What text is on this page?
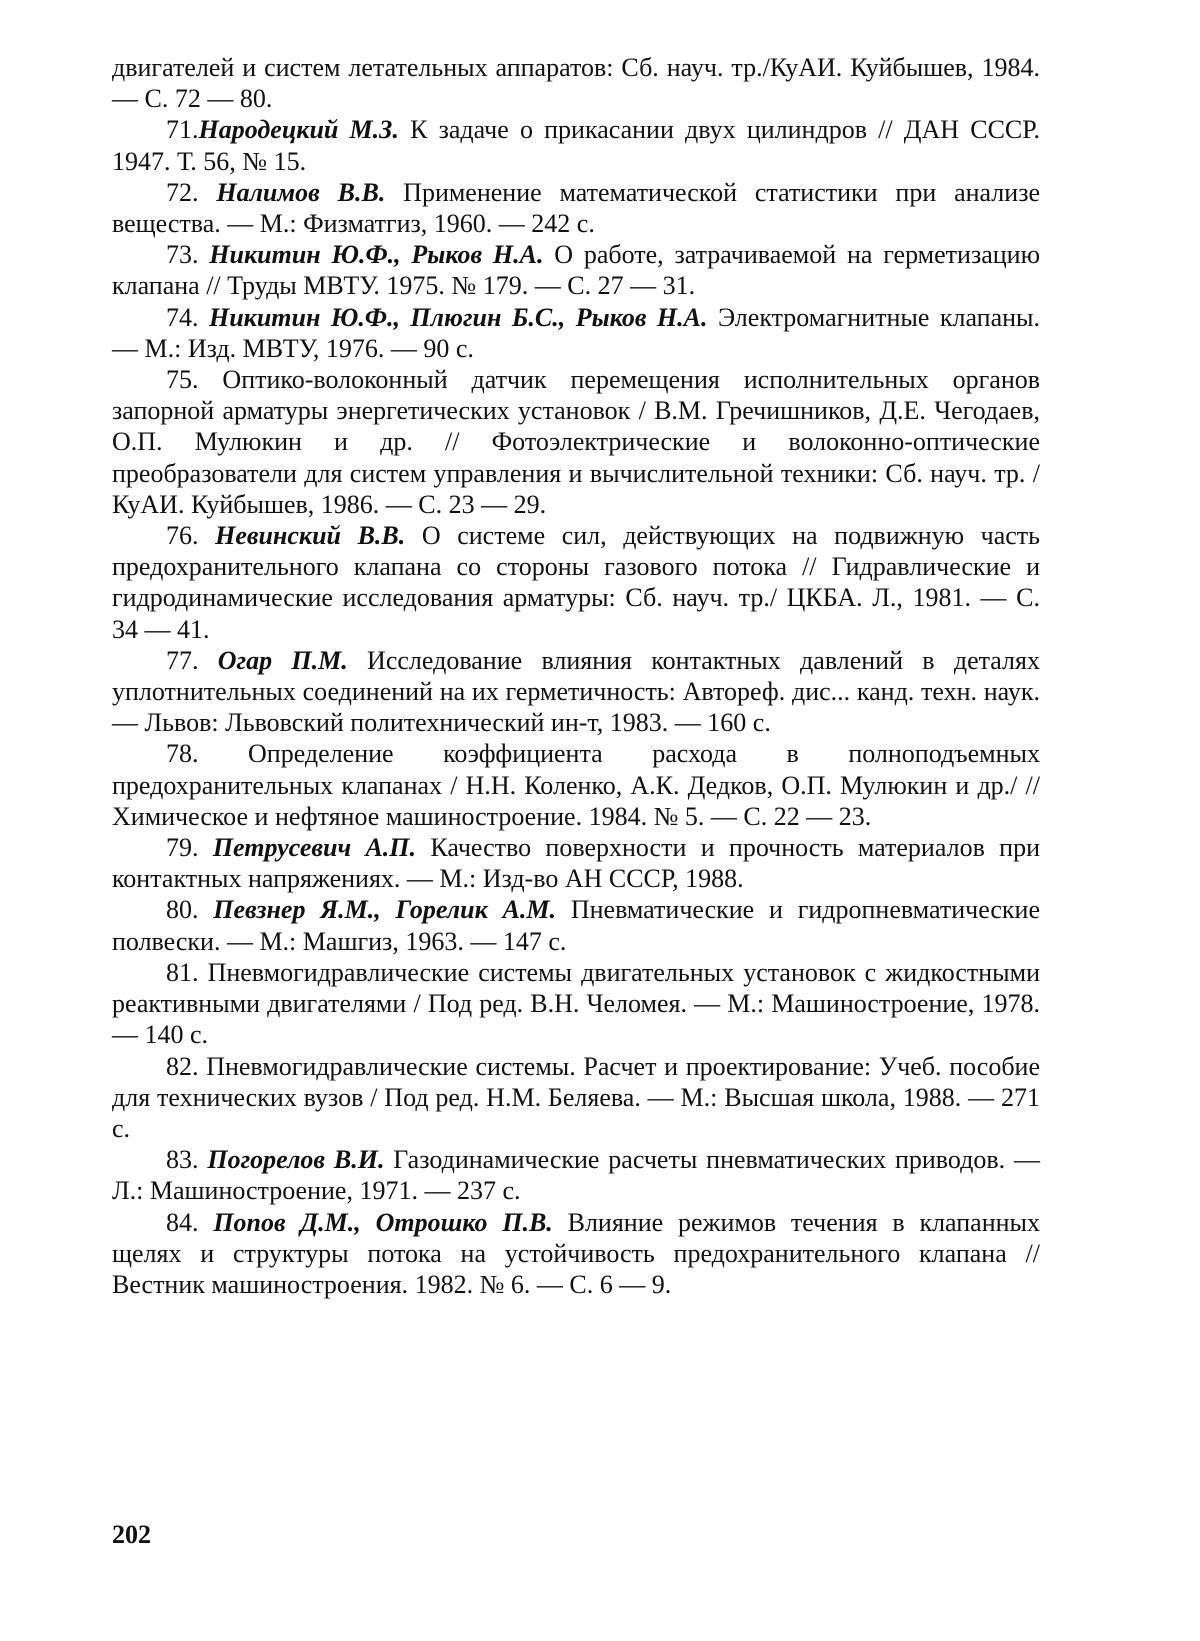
двигателей и систем летательных аппаратов: Сб. науч. тр./КуАИ. Куйбышев, 1984. — С. 72 — 80.

71.Народецкий М.З. К задаче о прикасании двух цилиндров // ДАН СССР. 1947. Т. 56, № 15.

72. Налимов В.В. Применение математической статистики при анализе вещества. — М.: Физматгиз, 1960. — 242 с.

73. Никитин Ю.Ф., Рыков Н.А. О работе, затрачиваемой на герметизацию клапана // Труды МВТУ. 1975. № 179. — С. 27 — 31.

74. Никитин Ю.Ф., Плюгин Б.С., Рыков Н.А. Электромагнитные клапаны. — М.: Изд. МВТУ, 1976. — 90 с.

75. Оптико-волоконный датчик перемещения исполнительных органов запорной арматуры энергетических установок / В.М. Гречишников, Д.Е. Чегодаев, О.П. Мулюкин и др. // Фотоэлектрические и волоконно-оптические преобразователи для систем управления и вычислительной техники: Сб. науч. тр. / КуАИ. Куйбышев, 1986. — С. 23 — 29.

76. Невинский В.В. О системе сил, действующих на подвижную часть предохранительного клапана со стороны газового потока // Гидравлические и гидродинамические исследования арматуры: Сб. науч. тр./ ЦКБА. Л., 1981. — С. 34 — 41.

77. Огар П.М. Исследование влияния контактных давлений в деталях уплотнительных соединений на их герметичность: Автореф. дис... канд. техн. наук. — Львов: Львовский политехнический ин-т, 1983. — 160 с.

78. Определение коэффициента расхода в полноподъемных предохранительных клапанах / Н.Н. Коленко, А.К. Дедков, О.П. Мулюкин и др./ // Химическое и нефтяное машиностроение. 1984. № 5. — С. 22 — 23.

79. Петрусевич А.П. Качество поверхности и прочность материалов при контактных напряжениях. — М.: Изд-во АН СССР, 1988.

80. Певзнер Я.М., Горелик А.М. Пневматические и гидропневматические полвески. — М.: Машгиз, 1963. — 147 с.

81. Пневмогидравлические системы двигательных установок с жидкостными реактивными двигателями / Под ред. В.Н. Челомея. — М.: Машиностроение, 1978. — 140 с.

82. Пневмогидравлические системы. Расчет и проектирование: Учеб. пособие для технических вузов / Под ред. Н.М. Беляева. — М.: Высшая школа, 1988. — 271 с.

83. Погорелов В.И. Газодинамические расчеты пневматических приводов. — Л.: Машиностроение, 1971. — 237 с.

84. Попов Д.М., Отрошко П.В. Влияние режимов течения в клапанных щелях и структуры потока на устойчивость предохранительного клапана // Вестник машиностроения. 1982. № 6. — С. 6 — 9.

202
